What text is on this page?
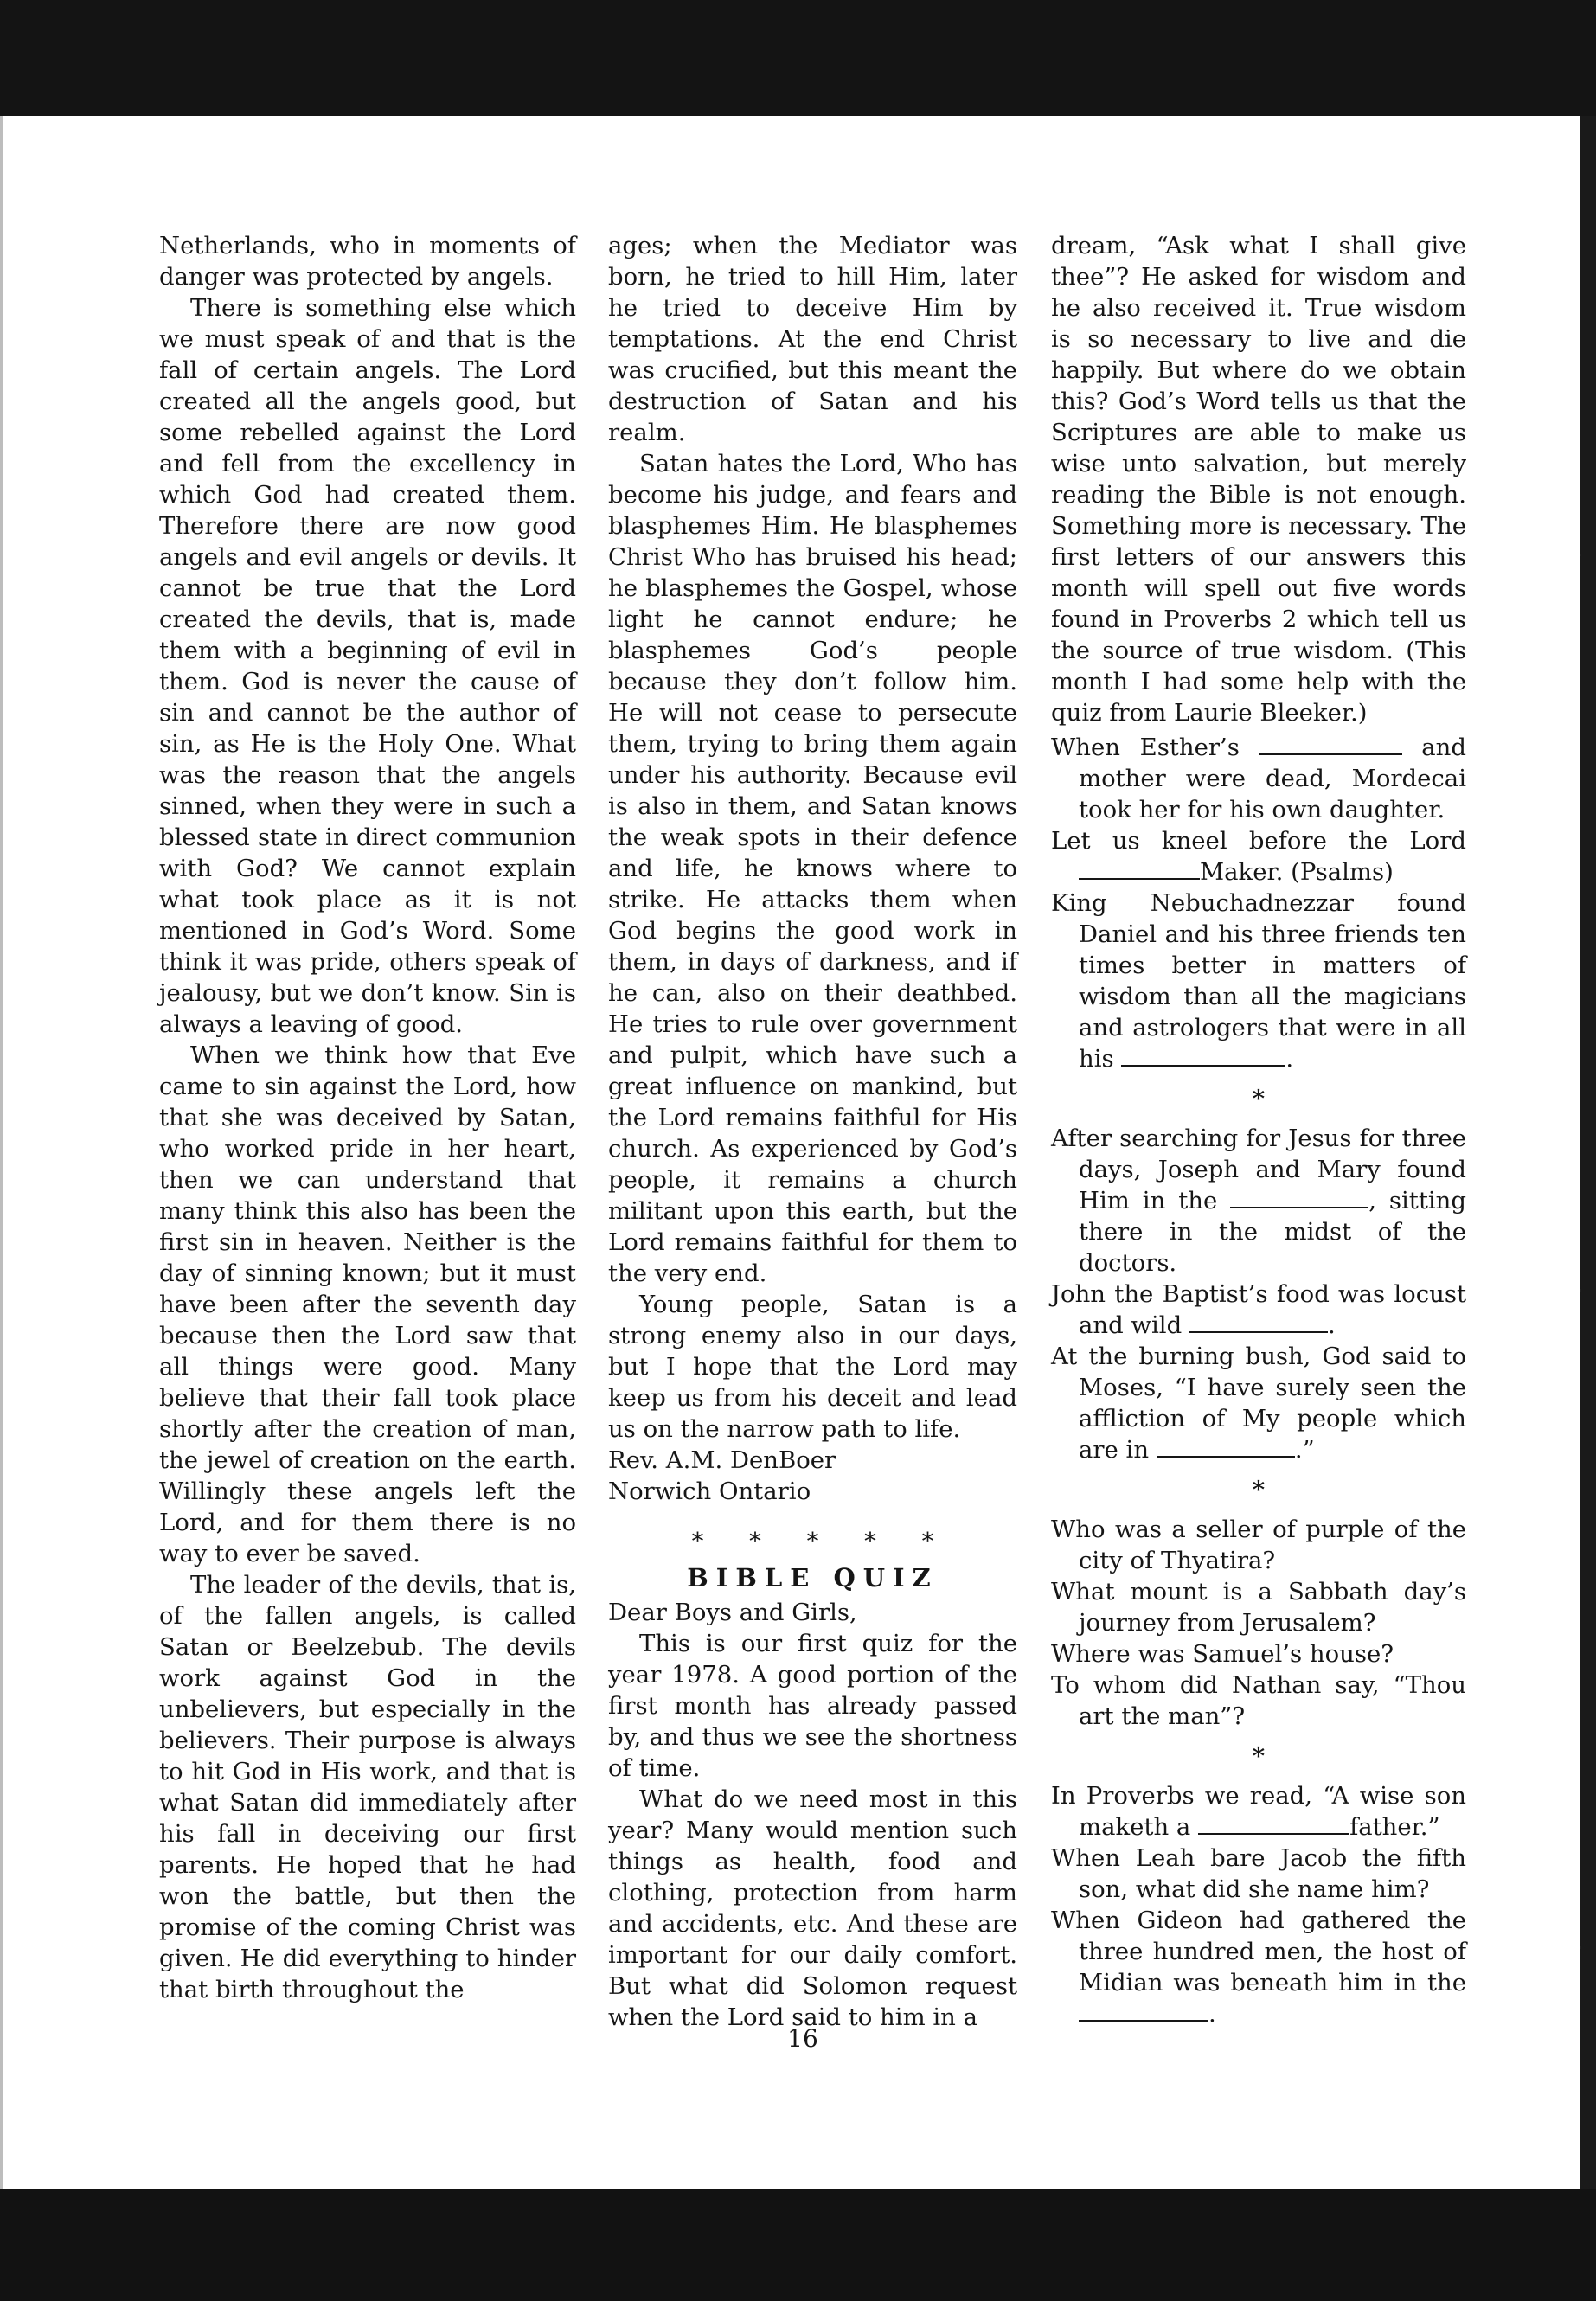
Netherlands, who in moments of danger was protected by angels.

There is something else which we must speak of and that is the fall of certain angels. The Lord created all the angels good, but some rebelled against the Lord and fell from the excellency in which God had created them. Therefore there are now good angels and evil angels or devils. It cannot be true that the Lord created the devils, that is, made them with a beginning of evil in them. God is never the cause of sin and cannot be the author of sin, as He is the Holy One. What was the reason that the angels sinned, when they were in such a blessed state in direct communion with God? We cannot explain what took place as it is not mentioned in God’s Word. Some think it was pride, others speak of jealousy, but we don’t know. Sin is always a leaving of good.

When we think how that Eve came to sin against the Lord, how that she was deceived by Satan, who worked pride in her heart, then we can understand that many think this also has been the first sin in heaven. Neither is the day of sinning known; but it must have been after the seventh day because then the Lord saw that all things were good. Many believe that their fall took place shortly after the creation of man, the jewel of creation on the earth. Willingly these angels left the Lord, and for them there is no way to ever be saved.

The leader of the devils, that is, of the fallen angels, is called Satan or Beelzebub. The devils work against God in the unbelievers, but especially in the believers. Their purpose is always to hit God in His work, and that is what Satan did immediately after his fall in deceiving our first parents. He hoped that he had won the battle, but then the promise of the coming Christ was given. He did everything to hinder that birth throughout the

ages; when the Mediator was born, he tried to hill Him, later he tried to deceive Him by temptations. At the end Christ was crucified, but this meant the destruction of Satan and his realm.

Satan hates the Lord, Who has become his judge, and fears and blasphemes Him. He blasphemes Christ Who has bruised his head; he blasphemes the Gospel, whose light he cannot endure; he blasphemes God’s people because they don’t follow him. He will not cease to persecute them, trying to bring them again under his authority. Because evil is also in them, and Satan knows the weak spots in their defence and life, he knows where to strike. He attacks them when God begins the good work in them, in days of darkness, and if he can, also on their deathbed. He tries to rule over government and pulpit, which have such a great influence on mankind, but the Lord remains faithful for His church. As experienced by God’s people, it remains a church militant upon this earth, but the Lord remains faithful for them to the very end.

Young people, Satan is a strong enemy also in our days, but I hope that the Lord may keep us from his deceit and lead us on the narrow path to life.

Rev. A.M. DenBoer

Norwich Ontario

* * * * *
BIBLE QUIZ

Dear Boys and Girls,

This is our first quiz for the year 1978. A good portion of the first month has already passed by, and thus we see the shortness of time.

What do we need most in this year? Many would mention such things as health, food and clothing, protection from harm and accidents, etc. And these are important for our daily comfort. But what did Solomon request when the Lord said to him in a

dream, “Ask what I shall give thee”? He asked for wisdom and he also received it. True wisdom is so necessary to live and die happily. But where do we obtain this? God’s Word tells us that the Scriptures are able to make us wise unto salvation, but merely reading the Bible is not enough. Something more is necessary. The first letters of our answers this month will spell out five words found in Proverbs 2 which tell us the source of true wisdom. (This month I had some help with the quiz from Laurie Bleeker.)

When Esther’s	and mother were dead, Mordecai took her for his own daughter.

Let us kneel before the Lord Maker. (Psalms)

King Nebuchadnezzar found Daniel and his three friends ten times better in matters of wisdom than all the magicians and astrologers that were in all his	.

*

After searching for Jesus for three days, Joseph and Mary found Him in the	, sitting there in the midst of the doctors.

John the Baptist’s food was locust and wild	.

At the burning bush, God said to Moses, “I have surely seen the affliction of My people which are in	.”

*

Who was a seller of purple of the city of Thyatira?

What mount is a Sabbath day’s journey from Jerusalem?

Where was Samuel’s house?

To whom did Nathan say, “Thou art the man”?

*

In Proverbs we read, “A wise son maketh a	father.”

When Leah bare Jacob the fifth son, what did she name him?

When Gideon had gathered the three hundred men, the host of Midian was beneath him in the .

16
